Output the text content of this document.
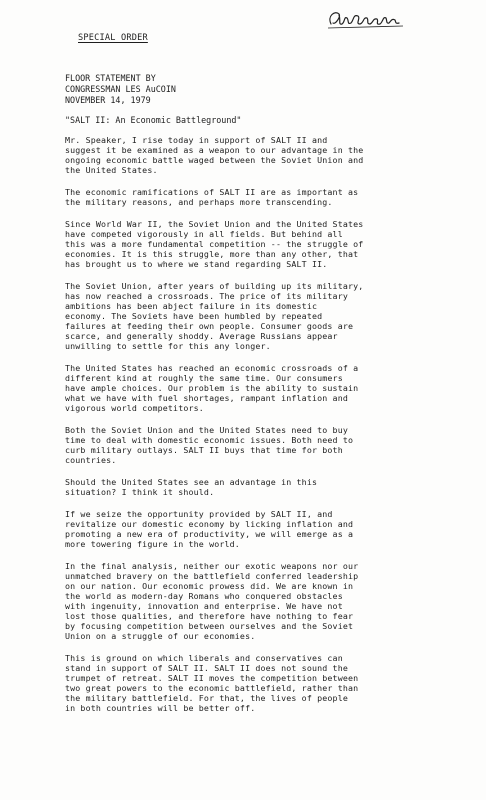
SPECIAL ORDER
FLOOR STATEMENT BY
CONGRESSMAN LES AuCOIN
NOVEMBER 14, 1979
"SALT II: An Economic Battleground"
Mr. Speaker, I rise today in support of SALT II and
suggest it be examined as a weapon to our advantage in the
ongoing economic battle waged between the Soviet Union and
the United States.
The economic ramifications of SALT II are as important as
the military reasons, and perhaps more transcending.
Since World War II, the Soviet Union and the United States
have competed vigorously in all fields. But behind all
this was a more fundamental competition -- the struggle of
economies. It is this struggle, more than any other, that
has brought us to where we stand regarding SALT II.
The Soviet Union, after years of building up its military,
has now reached a crossroads. The price of its military
ambitions has been abject failure in its domestic
economy. The Soviets have been humbled by repeated
failures at feeding their own people. Consumer goods are
scarce, and generally shoddy. Average Russians appear
unwilling to settle for this any longer.
The United States has reached an economic crossroads of a
different kind at roughly the same time. Our consumers
have ample choices. Our problem is the ability to sustain
what we have with fuel shortages, rampant inflation and
vigorous world competitors.
Both the Soviet Union and the United States need to buy
time to deal with domestic economic issues. Both need to
curb military outlays. SALT II buys that time for both
countries.
Should the United States see an advantage in this
situation? I think it should.
If we seize the opportunity provided by SALT II, and
revitalize our domestic economy by licking inflation and
promoting a new era of productivity, we will emerge as a
more towering figure in the world.
In the final analysis, neither our exotic weapons nor our
unmatched bravery on the battlefield conferred leadership
on our nation. Our economic prowess did. We are known in
the world as modern-day Romans who conquered obstacles
with ingenuity, innovation and enterprise. We have not
lost those qualities, and therefore have nothing to fear
by focusing competition between ourselves and the Soviet
Union on a struggle of our economies.
This is ground on which liberals and conservatives can
stand in support of SALT II. SALT II does not sound the
trumpet of retreat. SALT II moves the competition between
two great powers to the economic battlefield, rather than
the military battlefield. For that, the lives of people
in both countries will be better off.
